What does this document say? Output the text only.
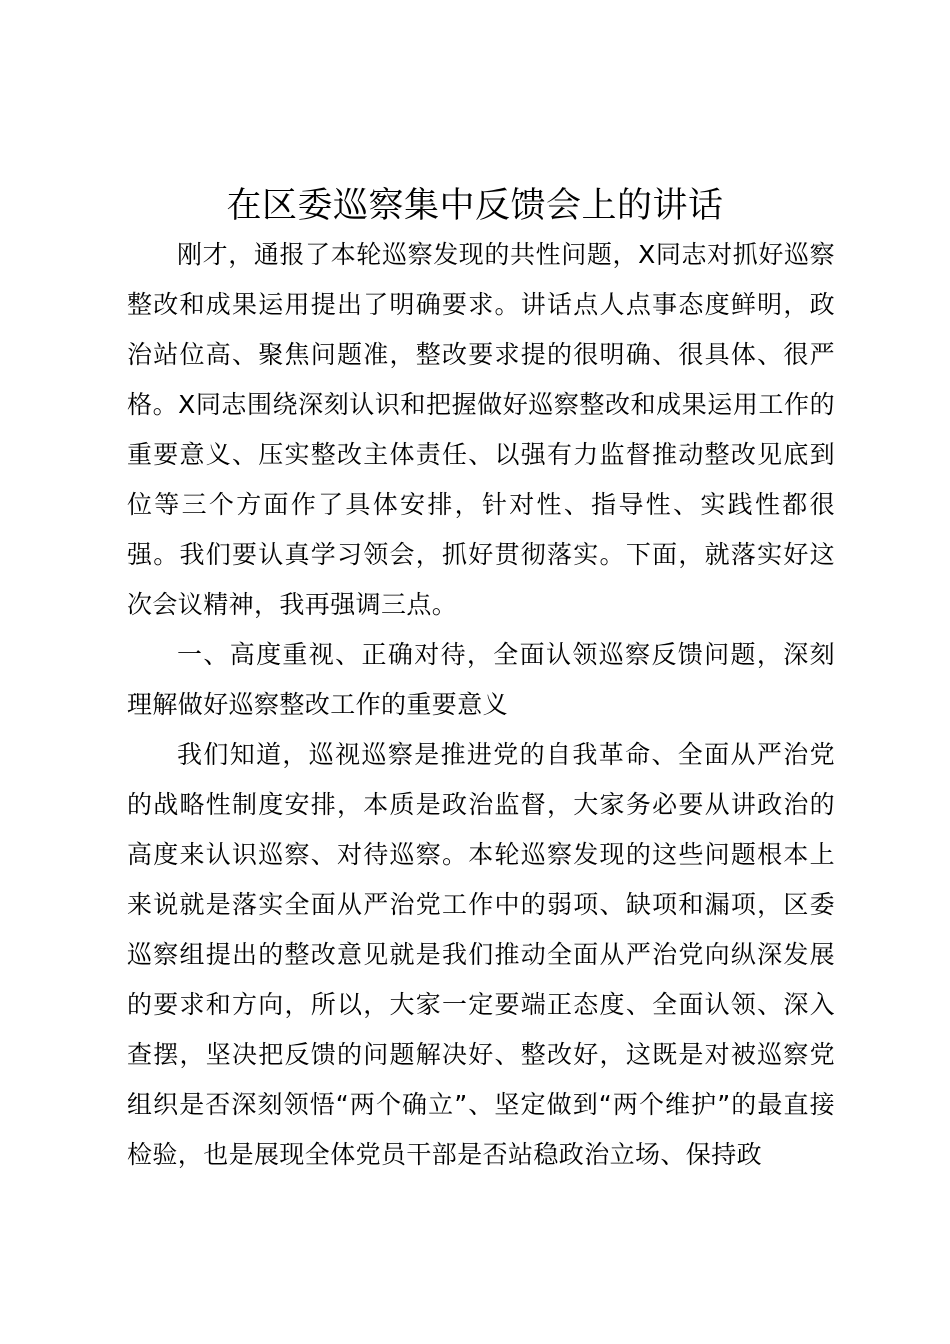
在区委巡察集中反馈会上的讲话

刚才，通报了本轮巡察发现的共性问题，X同志对抓好巡察整改和成果运用提出了明确要求。讲话点人点事态度鲜明，政治站位高、聚焦问题准，整改要求提的很明确、很具体、很严格。X同志围绕深刻认识和把握做好巡察整改和成果运用工作的重要意义、压实整改主体责任、以强有力监督推动整改见底到位等三个方面作了具体安排，针对性、指导性、实践性都很强。我们要认真学习领会，抓好贯彻落实。下面，就落实好这次会议精神，我再强调三点。

一、高度重视、正确对待，全面认领巡察反馈问题，深刻理解做好巡察整改工作的重要意义

我们知道，巡视巡察是推进党的自我革命、全面从严治党的战略性制度安排，本质是政治监督，大家务必要从讲政治的高度来认识巡察、对待巡察。本轮巡察发现的这些问题根本上来说就是落实全面从严治党工作中的弱项、缺项和漏项，区委巡察组提出的整改意见就是我们推动全面从严治党向纵深发展的要求和方向，所以，大家一定要端正态度、全面认领、深入查摆，坚决把反馈的问题解决好、整改好，这既是对被巡察党组织是否深刻领悟“两个确立”、坚定做到“两个维护”的最直接检验，也是展现全体党员干部是否站稳政治立场、保持政
